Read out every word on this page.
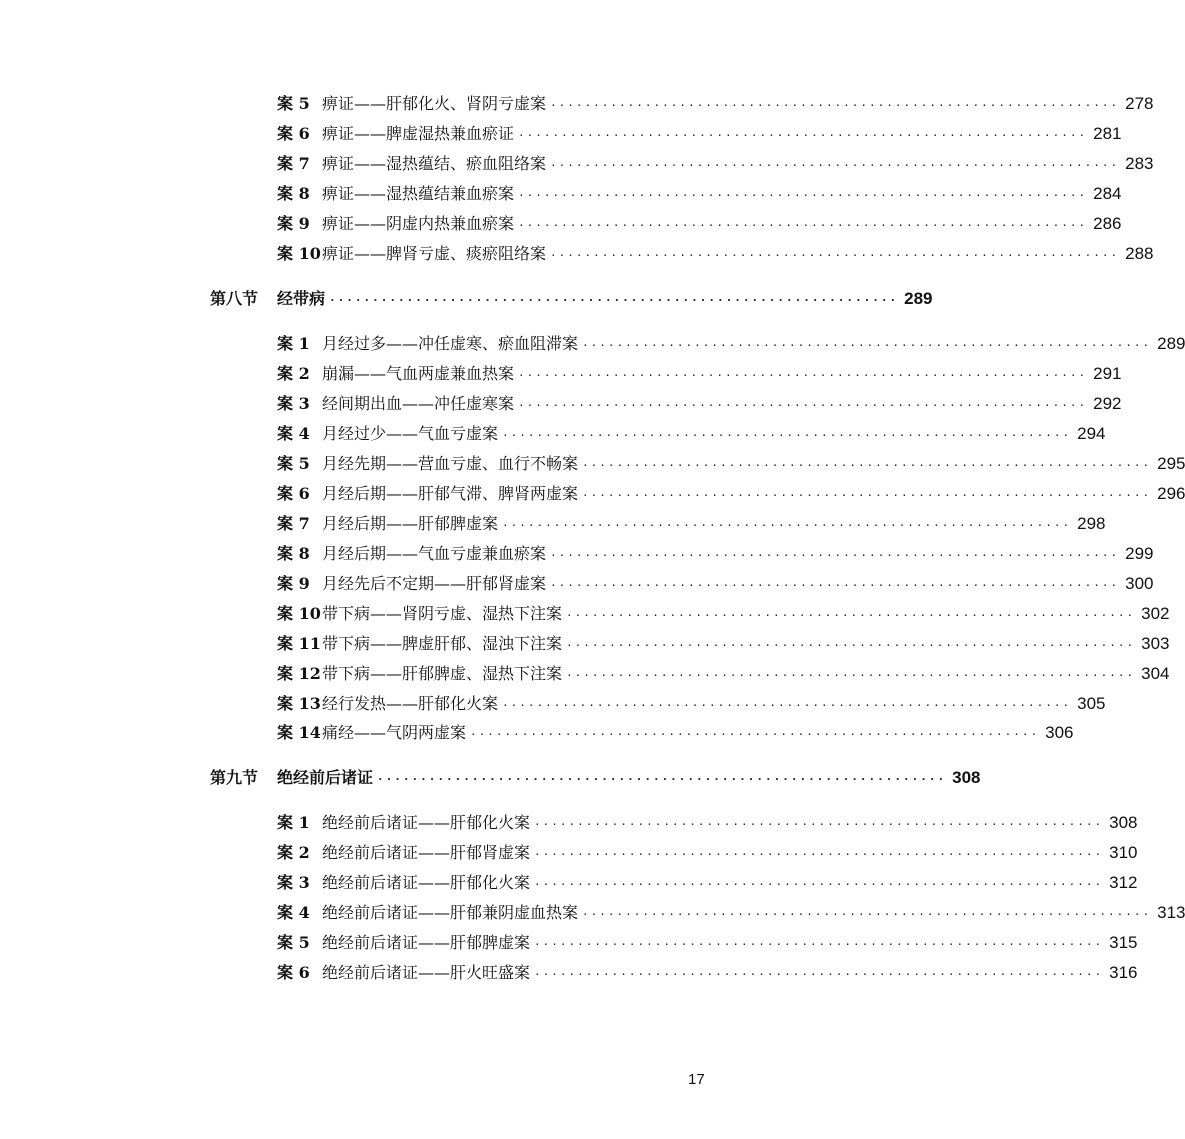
案 5 痹证——肝郁化火、肾阴亏虚案 ·································································· 278
案 6 痹证——脾虚湿热兼血瘀证 ·································································· 281
案 7 痹证——湿热蕴结、瘀血阻络案 ·································································· 283
案 8 痹证——湿热蕴结兼血瘀案 ·································································· 284
案 9 痹证——阴虚内热兼血瘀案 ·································································· 286
案 10 痹证——脾肾亏虚、痰瘀阻络案 ·································································· 288
第八节	经带病 ·································································· 289
案 1 月经过多——冲任虚寒、瘀血阻滞案 ·································································· 289
案 2 崩漏——气血两虚兼血热案 ·································································· 291
案 3 经间期出血——冲任虚寒案 ·································································· 292
案 4 月经过少——气血亏虚案 ·································································· 294
案 5 月经先期——营血亏虚、血行不畅案 ·································································· 295
案 6 月经后期——肝郁气滞、脾肾两虚案 ·································································· 296
案 7 月经后期——肝郁脾虚案 ·································································· 298
案 8 月经后期——气血亏虚兼血瘀案 ·································································· 299
案 9 月经先后不定期——肝郁肾虚案 ·································································· 300
案 10 带下病——肾阴亏虚、湿热下注案 ·································································· 302
案 11 带下病——脾虚肝郁、湿浊下注案 ·································································· 303
案 12 带下病——肝郁脾虚、湿热下注案 ·································································· 304
案 13 经行发热——肝郁化火案 ·································································· 305
案 14 痛经——气阴两虚案 ·································································· 306
第九节	绝经前后诸证 ·································································· 308
案 1 绝经前后诸证——肝郁化火案 ·································································· 308
案 2 绝经前后诸证——肝郁肾虚案 ·································································· 310
案 3 绝经前后诸证——肝郁化火案 ·································································· 312
案 4 绝经前后诸证——肝郁兼阴虚血热案 ·································································· 313
案 5 绝经前后诸证——肝郁脾虚案 ·································································· 315
案 6 绝经前后诸证——肝火旺盛案 ·································································· 316
17
